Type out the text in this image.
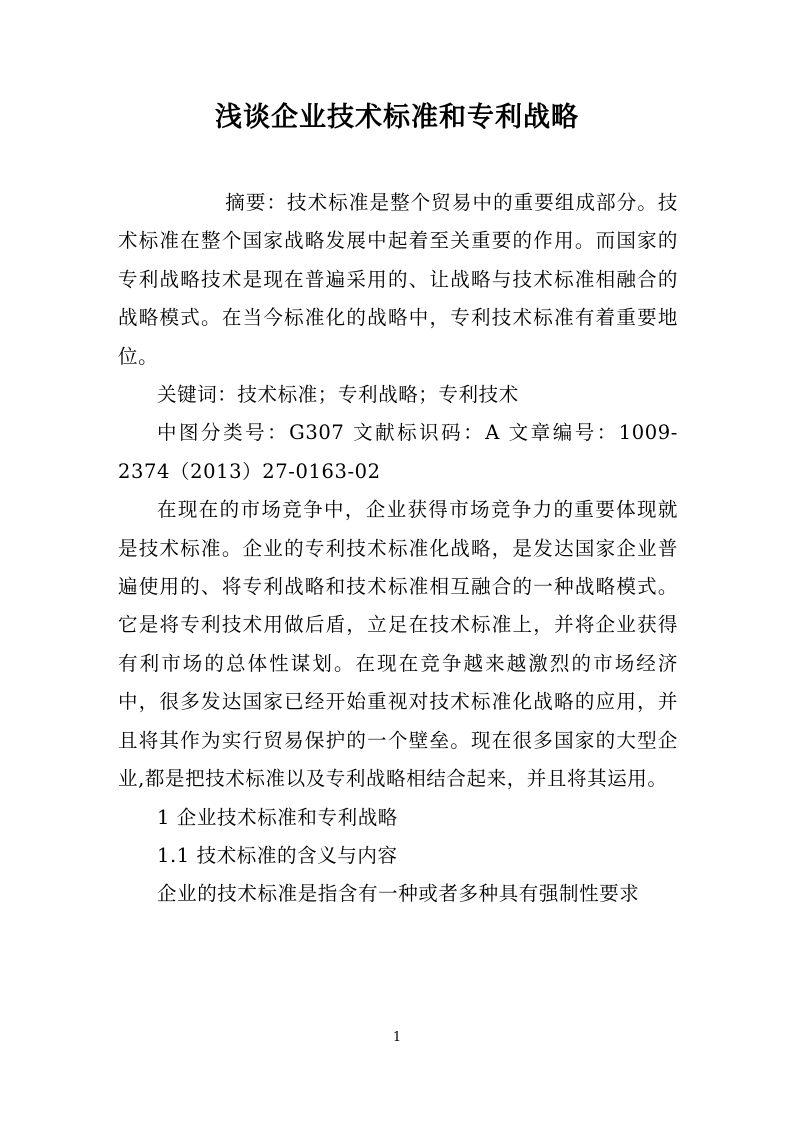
浅谈企业技术标准和专利战略

摘要：技术标准是整个贸易中的重要组成部分。技术标准在整个国家战略发展中起着至关重要的作用。而国家的专利战略技术是现在普遍采用的、让战略与技术标准相融合的战略模式。在当今标准化的战略中，专利技术标准有着重要地位。

关键词：技术标准；专利战略；专利技术

中图分类号：G307 文献标识码：A 文章编号：1009-2374（2013）27-0163-02

在现在的市场竞争中，企业获得市场竞争力的重要体现就是技术标准。企业的专利技术标准化战略，是发达国家企业普遍使用的、将专利战略和技术标准相互融合的一种战略模式。它是将专利技术用做后盾，立足在技术标准上，并将企业获得有利市场的总体性谋划。在现在竞争越来越激烈的市场经济中，很多发达国家已经开始重视对技术标准化战略的应用，并且将其作为实行贸易保护的一个壁垒。现在很多国家的大型企业,都是把技术标准以及专利战略相结合起来，并且将其运用。

1 企业技术标准和专利战略

1.1 技术标准的含义与内容

企业的技术标准是指含有一种或者多种具有强制性要求

1
